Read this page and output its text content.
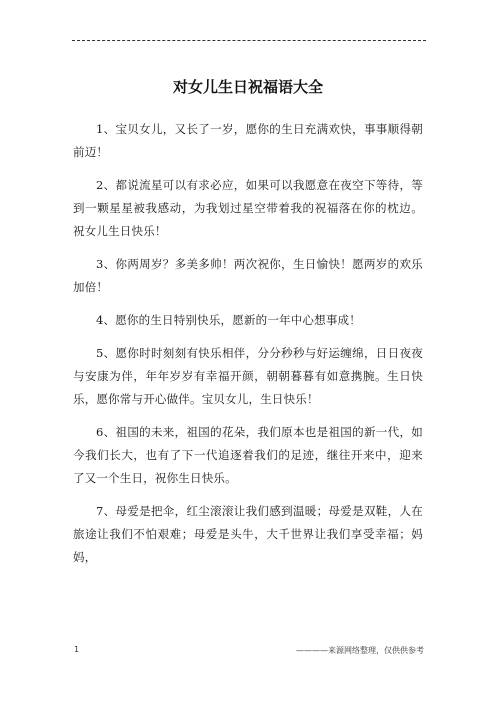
对女儿生日祝福语大全

1、宝贝女儿，又长了一岁，愿你的生日充满欢快，事事顺得朝前迈！

2、都说流星可以有求必应，如果可以我愿意在夜空下等待，等到一颗星星被我感动，为我划过星空带着我的祝福落在你的枕边。祝女儿生日快乐！

3、你两周岁？多美多帅！两次祝你，生日愉快！愿两岁的欢乐加倍！

4、愿你的生日特别快乐，愿新的一年中心想事成！

5、愿你时时刻刻有快乐相伴，分分秒秒与好运缠绵，日日夜夜与安康为伴，年年岁岁有幸福开颜，朝朝暮暮有如意携腕。生日快乐，愿你常与开心做伴。宝贝女儿，生日快乐！

6、祖国的未来，祖国的花朵，我们原本也是祖国的新一代，如今我们长大，也有了下一代追逐着我们的足迹，继往开来中，迎来了又一个生日，祝你生日快乐。

7、母爱是把伞，红尘滚滚让我们感到温暖；母爱是双鞋，人在旅途让我们不怕艰难；母爱是头牛，大千世界让我们享受幸福；妈妈，

1	————来源网络整理，仅供供参考
